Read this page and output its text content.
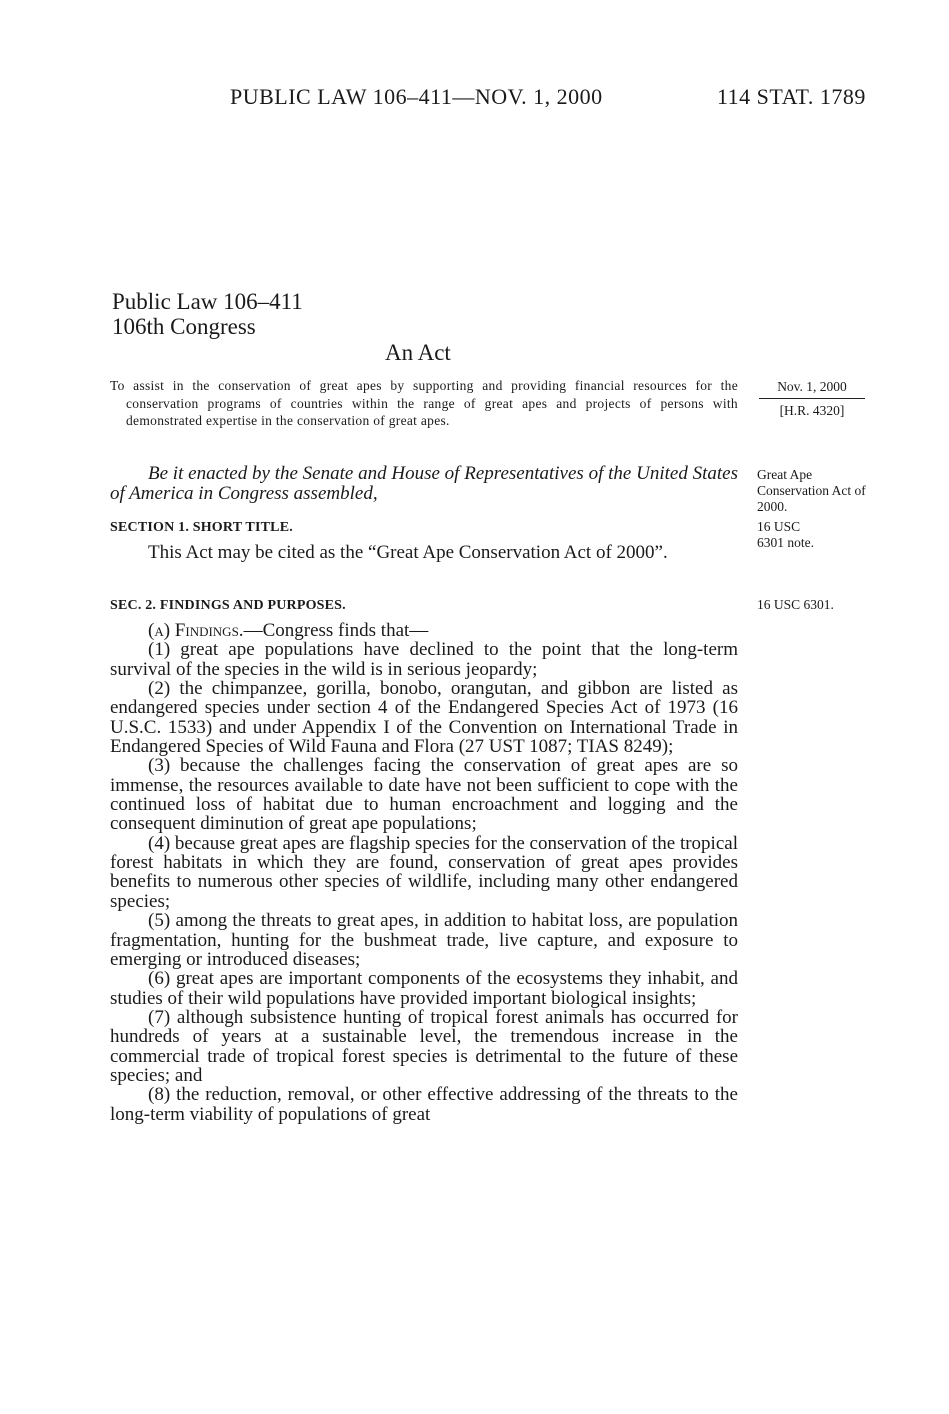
PUBLIC LAW 106–411—NOV. 1, 2000	114 STAT. 1789
Public Law 106–411
106th Congress
An Act

To assist in the conservation of great apes by supporting and providing financial resources for the conservation programs of countries within the range of great apes and projects of persons with demonstrated expertise in the conservation of great apes.

Nov. 1, 2000
[H.R. 4320]

Be it enacted by the Senate and House of Representatives of the United States of America in Congress assembled,

Great Ape Conservation Act of 2000.
SECTION 1. SHORT TITLE.	16 USC 6301 note.

This Act may be cited as the “Great Ape Conservation Act of 2000”.

SEC. 2. FINDINGS AND PURPOSES.	16 USC 6301.

(a) Findings.—Congress finds that—

(1) great ape populations have declined to the point that the long-term survival of the species in the wild is in serious jeopardy;

(2) the chimpanzee, gorilla, bonobo, orangutan, and gibbon are listed as endangered species under section 4 of the Endangered Species Act of 1973 (16 U.S.C. 1533) and under Appendix I of the Convention on International Trade in Endangered Species of Wild Fauna and Flora (27 UST 1087; TIAS 8249);

(3) because the challenges facing the conservation of great apes are so immense, the resources available to date have not been sufficient to cope with the continued loss of habitat due to human encroachment and logging and the consequent diminution of great ape populations;

(4) because great apes are flagship species for the conservation of the tropical forest habitats in which they are found, conservation of great apes provides benefits to numerous other species of wildlife, including many other endangered species;

(5) among the threats to great apes, in addition to habitat loss, are population fragmentation, hunting for the bushmeat trade, live capture, and exposure to emerging or introduced diseases;

(6) great apes are important components of the ecosystems they inhabit, and studies of their wild populations have provided important biological insights;

(7) although subsistence hunting of tropical forest animals has occurred for hundreds of years at a sustainable level, the tremendous increase in the commercial trade of tropical forest species is detrimental to the future of these species; and

(8) the reduction, removal, or other effective addressing of the threats to the long-term viability of populations of great
